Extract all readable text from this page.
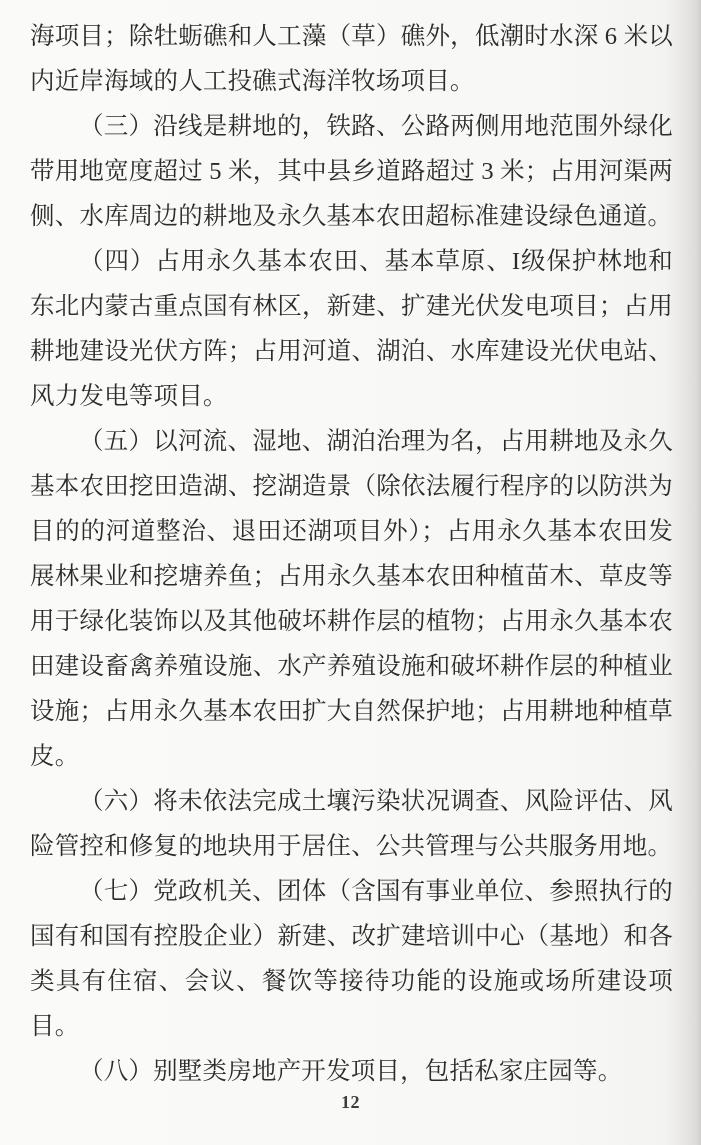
海项目；除牡蛎礁和人工藻（草）礁外，低潮时水深 6 米以内近岸海域的人工投礁式海洋牧场项目。

（三）沿线是耕地的，铁路、公路两侧用地范围外绿化带用地宽度超过 5 米，其中县乡道路超过 3 米；占用河渠两侧、水库周边的耕地及永久基本农田超标准建设绿色通道。

（四）占用永久基本农田、基本草原、I级保护林地和东北内蒙古重点国有林区，新建、扩建光伏发电项目；占用耕地建设光伏方阵；占用河道、湖泊、水库建设光伏电站、风力发电等项目。

（五）以河流、湿地、湖泊治理为名，占用耕地及永久基本农田挖田造湖、挖湖造景（除依法履行程序的以防洪为目的的河道整治、退田还湖项目外）；占用永久基本农田发展林果业和挖塘养鱼；占用永久基本农田种植苗木、草皮等用于绿化装饰以及其他破坏耕作层的植物；占用永久基本农田建设畜禽养殖设施、水产养殖设施和破坏耕作层的种植业设施；占用永久基本农田扩大自然保护地；占用耕地种植草皮。

（六）将未依法完成土壤污染状况调查、风险评估、风险管控和修复的地块用于居住、公共管理与公共服务用地。

（七）党政机关、团体（含国有事业单位、参照执行的国有和国有控股企业）新建、改扩建培训中心（基地）和各类具有住宿、会议、餐饮等接待功能的设施或场所建设项目。

（八）别墅类房地产开发项目，包括私家庄园等。

12
